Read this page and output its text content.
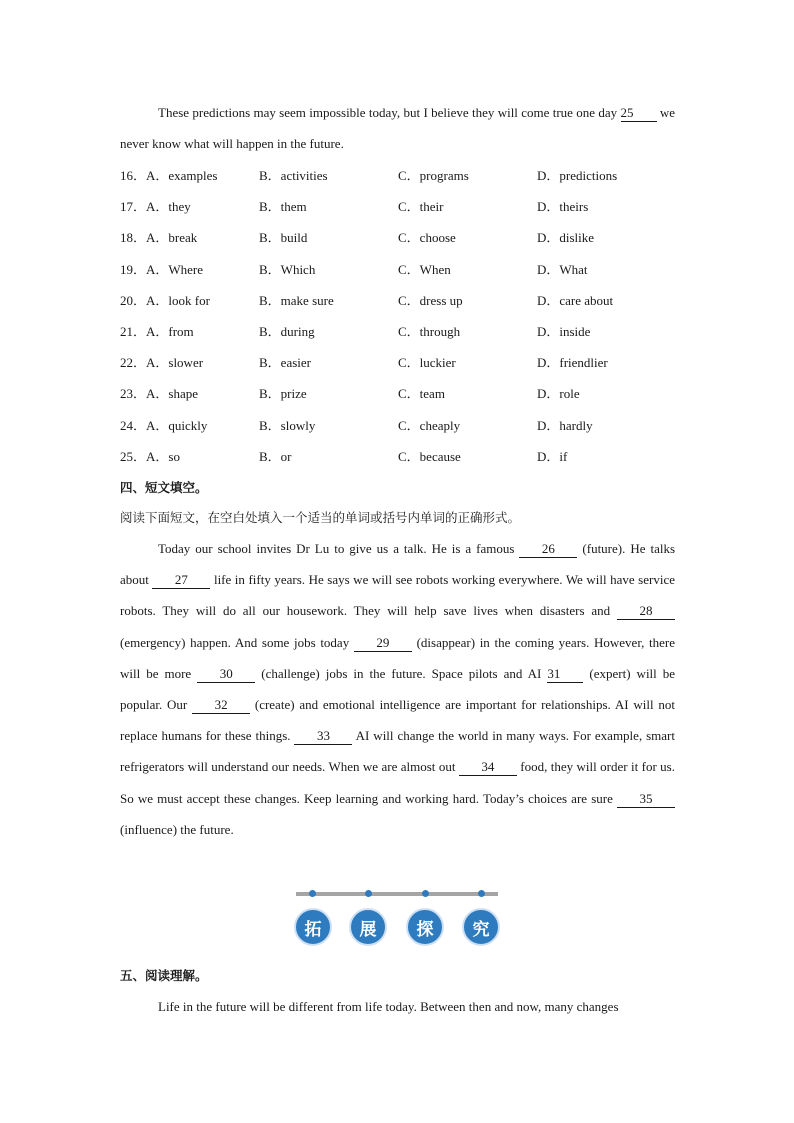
These predictions may seem impossible today, but I believe they will come true one day 25 we never know what will happen in the future.

16．A．examples	B．activities	C．programs	D．predictions
17．A．they	B．them	C．their	D．theirs
18．A．break	B．build	C．choose	D．dislike
19．A．Where	B．Which	C．When	D．What
20．A．look for	B．make sure	C．dress up	D．care about
21．A．from	B．during	C．through	D．inside
22．A．slower	B．easier	C．luckier	D．friendlier
23．A．shape	B．prize	C．team	D．role
24．A．quickly	B．slowly	C．cheaply	D．hardly
25．A．so	B．or	C．because	D．if
四、短文填空。
阅读下面短文，在空白处填入一个适当的单词或括号内单词的正确形式。

Today our school invites Dr Lu to give us a talk. He is a famous 26 (future). He talks about 27 life in fifty years. He says we will see robots working everywhere. We will have service robots. They will do all our housework. They will help save lives when disasters and 28 (emergency) happen. And some jobs today 29 (disappear) in the coming years. However, there will be more 30 (challenge) jobs in the future. Space pilots and AI 31 (expert) will be popular. Our 32 (create) and emotional intelligence are important for relationships. AI will not replace humans for these things. 33 AI will change the world in many ways. For example, smart refrigerators will understand our needs. When we are almost out 34 food, they will order it for us. So we must accept these changes. Keep learning and working hard. Today’s choices are sure 35 (influence) the future.

五、阅读理解。

Life in the future will be different from life today. Between then and now, many changes

拓	展	探	究
